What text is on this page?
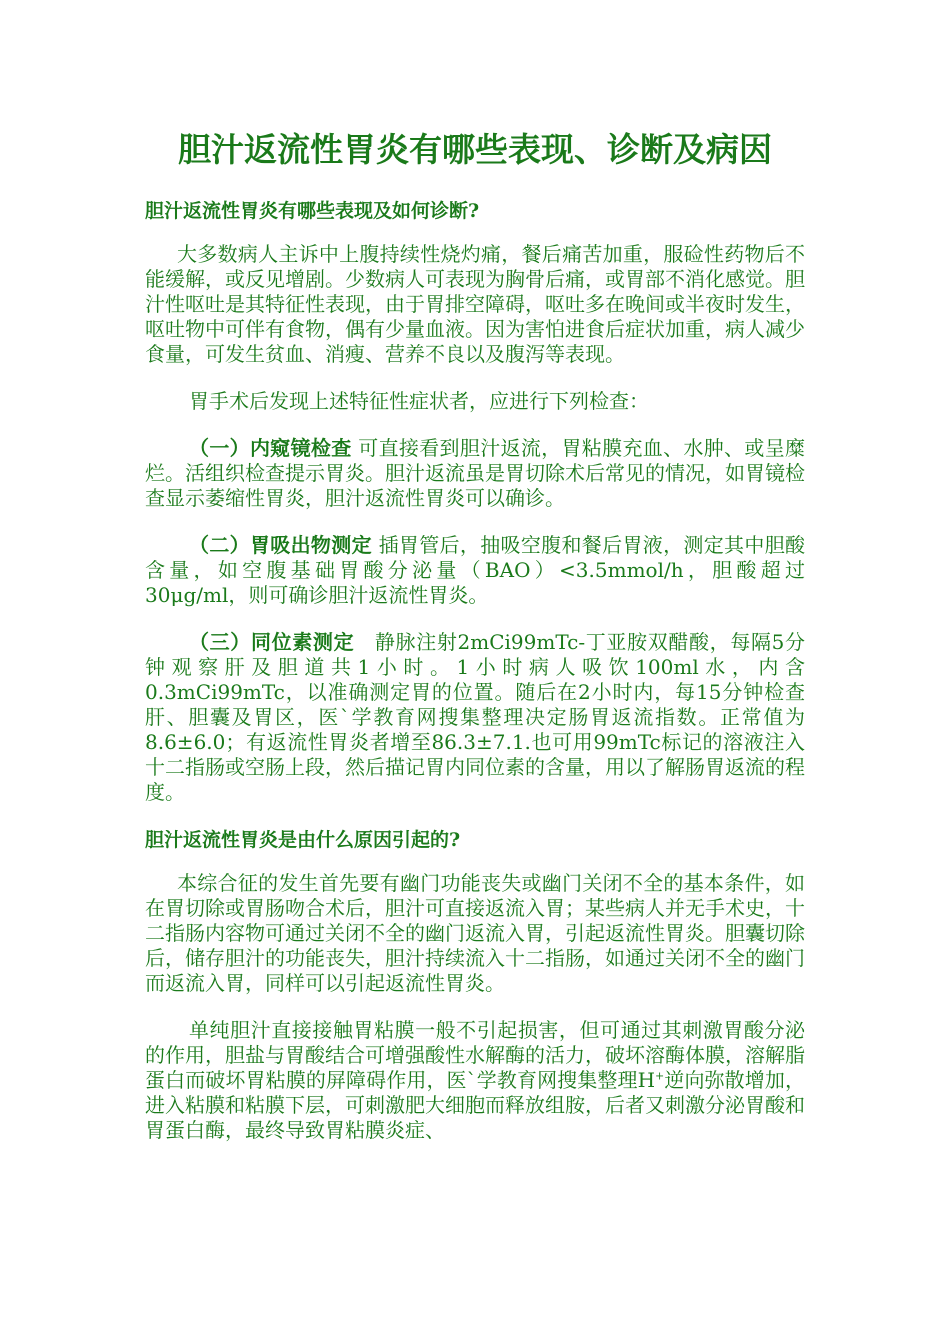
胆汁返流性胃炎有哪些表现、诊断及病因
胆汁返流性胃炎有哪些表现及如何诊断?

大多数病人主诉中上腹持续性烧灼痛，餐后痛苦加重，服硷性药物后不能缓解，或反见增剧。少数病人可表现为胸骨后痛，或胃部不消化感觉。胆汁性呕吐是其特征性表现，由于胃排空障碍，呕吐多在晚间或半夜时发生，呕吐物中可伴有食物，偶有少量血液。因为害怕进食后症状加重，病人减少食量，可发生贫血、消瘦、营养不良以及腹泻等表现。

胃手术后发现上述特征性症状者，应进行下列检查：

（一）内窥镜检查 可直接看到胆汁返流，胃粘膜充血、水肿、或呈糜烂。活组织检查提示胃炎。胆汁返流虽是胃切除术后常见的情况，如胃镜检查显示萎缩性胃炎，胆汁返流性胃炎可以确诊。

（二）胃吸出物测定 插胃管后，抽吸空腹和餐后胃液，测定其中胆酸含量，如空腹基础胃酸分泌量（BAO）<3.5mmol/h，胆酸超过30μg/ml，则可确诊胆汁返流性胃炎。

（三）同位素测定　 静脉注射2mCi99mTc-丁亚胺双醋酸，每隔5分钟观察肝及胆道共1小时。1小时病人吸饮100ml水，内含0.3mCi99mTc，以准确测定胃的位置。随后在2小时内，每15分钟检查肝、胆囊及胃区，医`学教育网搜集整理决定肠胃返流指数。正常值为8.6±6.0；有返流性胃炎者增至86.3±7.1.也可用99mTc标记的溶液注入十二指肠或空肠上段，然后描记胃内同位素的含量，用以了解肠胃返流的程度。

胆汁返流性胃炎是由什么原因引起的?

本综合征的发生首先要有幽门功能丧失或幽门关闭不全的基本条件，如在胃切除或胃肠吻合术后，胆汁可直接返流入胃；某些病人并无手术史，十二指肠内容物可通过关闭不全的幽门返流入胃，引起返流性胃炎。胆囊切除后，储存胆汁的功能丧失，胆汁持续流入十二指肠，如通过关闭不全的幽门而返流入胃，同样可以引起返流性胃炎。

单纯胆汁直接接触胃粘膜一般不引起损害，但可通过其刺激胃酸分泌的作用，胆盐与胃酸结合可增强酸性水解酶的活力，破坏溶酶体膜，溶解脂蛋白而破坏胃粘膜的屏障碍作用，医`学教育网搜集整理H+逆向弥散增加，进入粘膜和粘膜下层，可刺激肥大细胞而释放组胺，后者又刺激分泌胃酸和胃蛋白酶，最终导致胃粘膜炎症、
